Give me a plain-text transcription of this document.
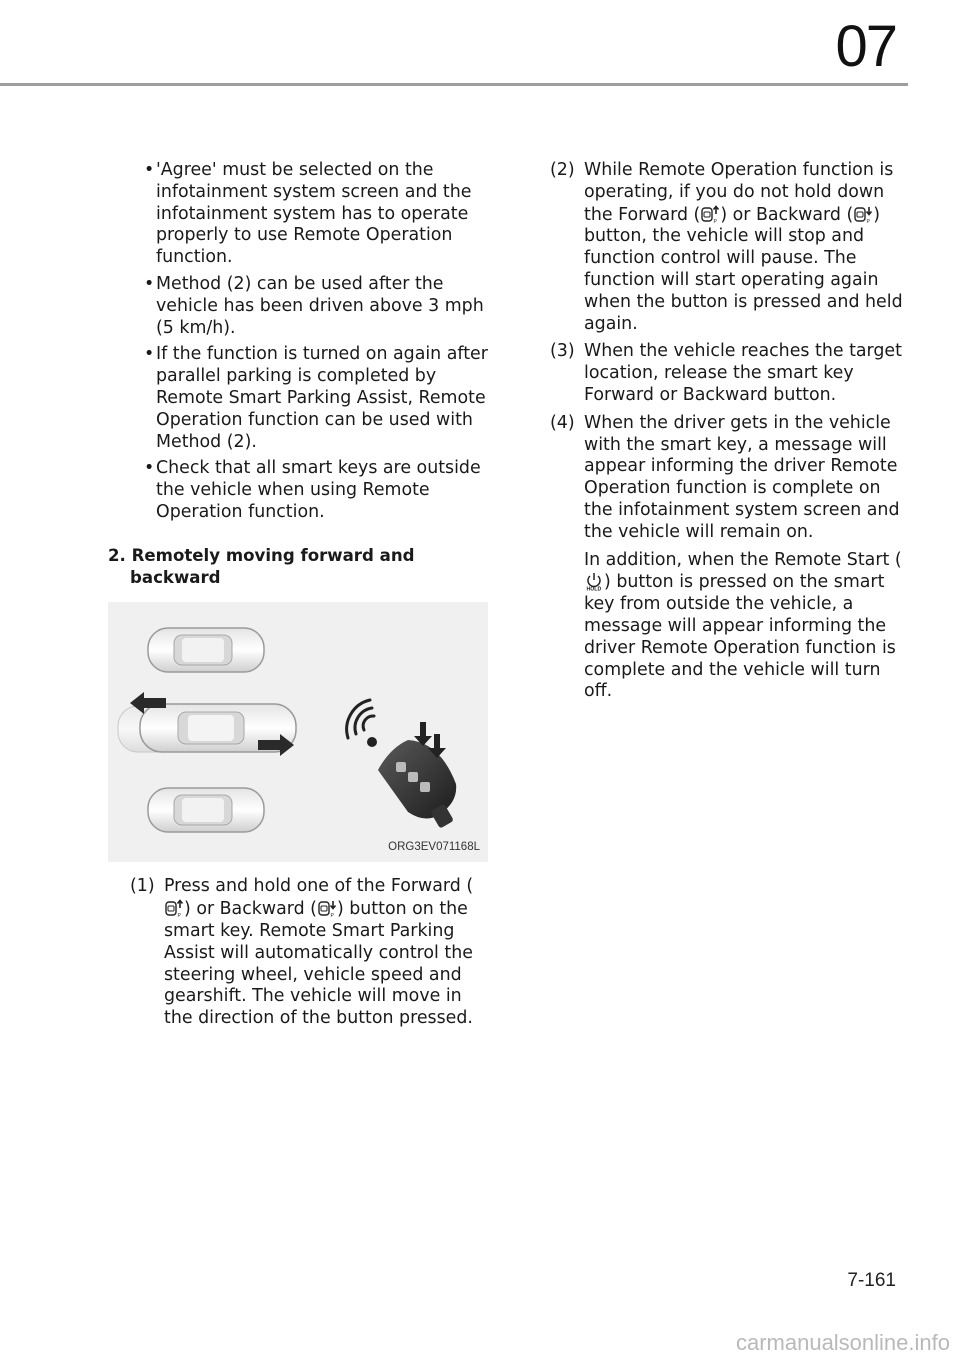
07
• 'Agree' must be selected on the infotainment system screen and the infotainment system has to operate properly to use Remote Operation function.
• Method (2) can be used after the vehicle has been driven above 3 mph (5 km/h).
• If the function is turned on again after parallel parking is completed by Remote Smart Parking Assist, Remote Operation function can be used with Method (2).
• Check that all smart keys are outside the vehicle when using Remote Operation function.
2. Remotely moving forward and backward
ORG3EV071168L
(1) Press and hold one of the Forward (
P ) or Backward (	P ) button on the smart key. Remote Smart Parking Assist will automatically control the steering wheel, vehicle speed and gearshift. The vehicle will move in the direction of the button pressed.

(2) While Remote Operation function is operating, if you do not hold down the Forward (	P ) or Backward (	P ) button, the vehicle will stop and function control will pause. The function will start operating again when the button is pressed and held again.

(3) When the vehicle reaches the target location, release the smart key Forward or Backward button.

(4) When the driver gets in the vehicle with the smart key, a message will appear informing the driver Remote Operation function is complete on the infotainment system screen and the vehicle will remain on.

In addition, when the Remote Start (
HOLD ) button is pressed on the smart key from outside the vehicle, a message will appear informing the driver Remote Operation function is complete and the vehicle will turn off.

7-161
carmanualsonline.info
